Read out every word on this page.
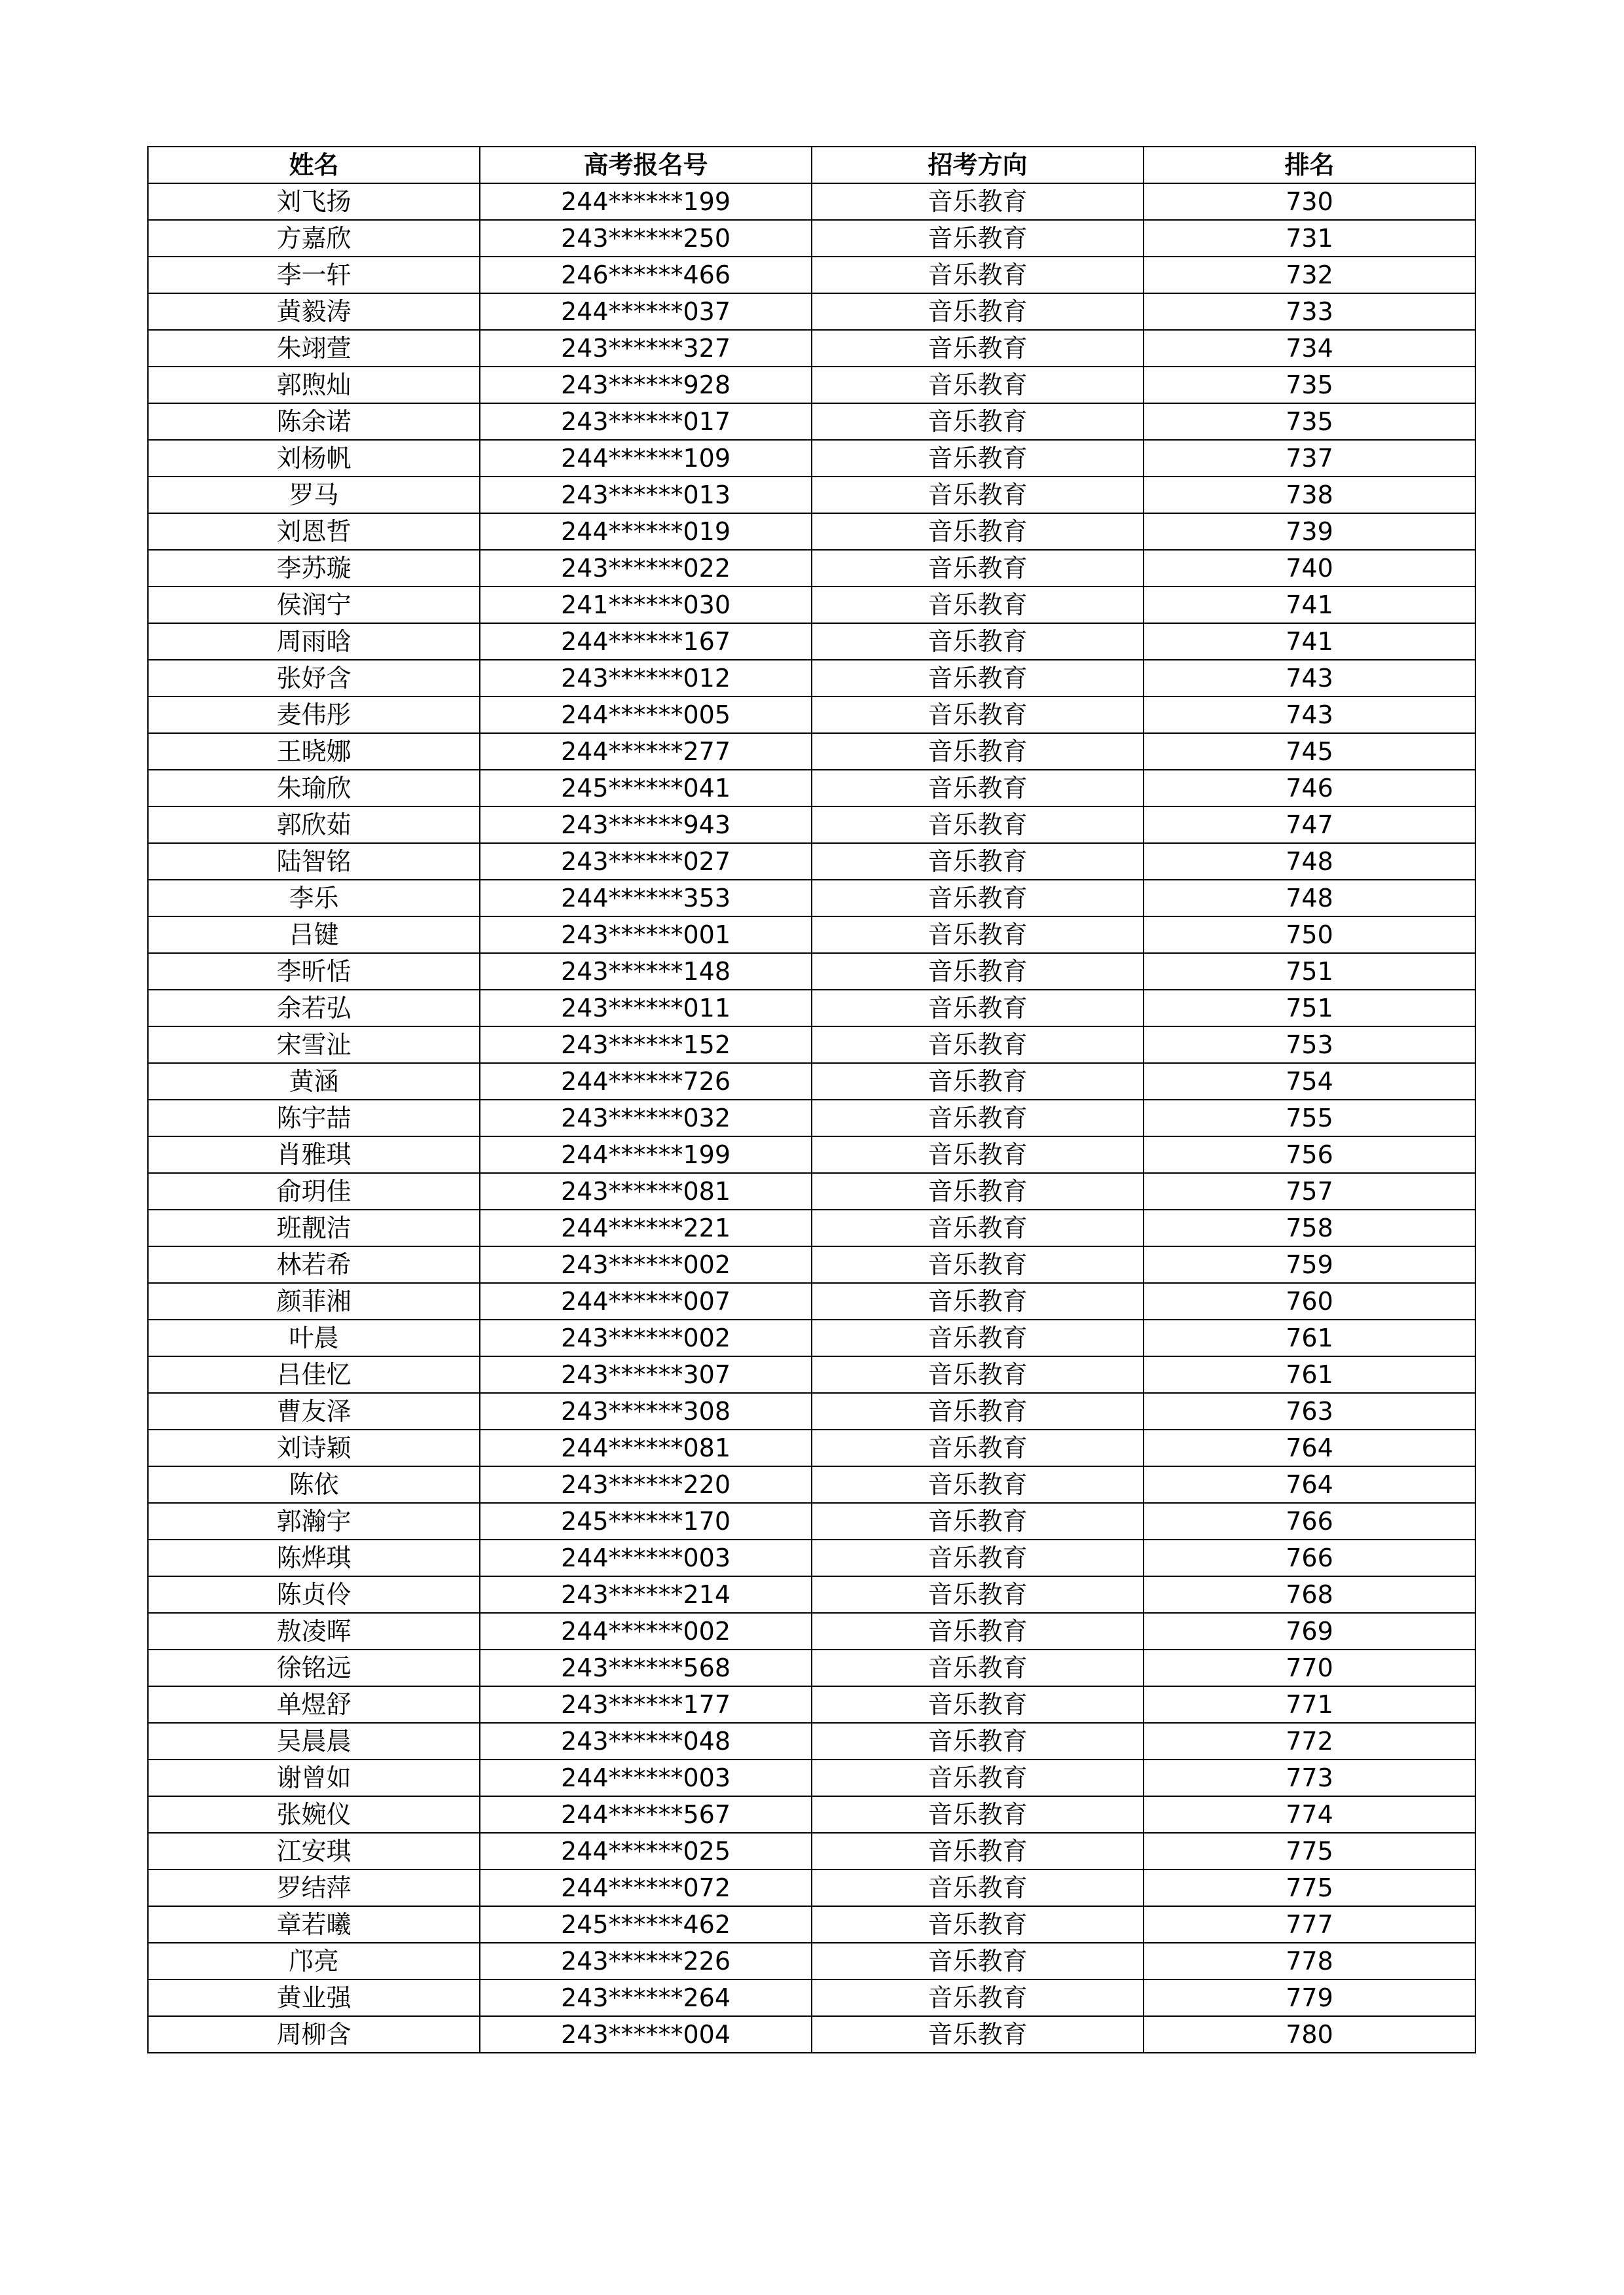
姓名	高考报名号	招考方向	排名
刘飞扬	244******199	音乐教育	730
方嘉欣	243******250	音乐教育	731
李一轩	246******466	音乐教育	732
黄毅涛	244******037	音乐教育	733
朱翊萱	243******327	音乐教育	734
郭煦灿	243******928	音乐教育	735
陈余诺	243******017	音乐教育	735
刘杨帆	244******109	音乐教育	737
罗马	243******013	音乐教育	738
刘恩哲	244******019	音乐教育	739
李苏璇	243******022	音乐教育	740
侯润宁	241******030	音乐教育	741
周雨晗	244******167	音乐教育	741
张妤含	243******012	音乐教育	743
麦伟彤	244******005	音乐教育	743
王晓娜	244******277	音乐教育	745
朱瑜欣	245******041	音乐教育	746
郭欣茹	243******943	音乐教育	747
陆智铭	243******027	音乐教育	748
李乐	244******353	音乐教育	748
吕键	243******001	音乐教育	750
李昕恬	243******148	音乐教育	751
余若弘	243******011	音乐教育	751
宋雪沚	243******152	音乐教育	753
黄涵	244******726	音乐教育	754
陈宇喆	243******032	音乐教育	755
肖雅琪	244******199	音乐教育	756
俞玥佳	243******081	音乐教育	757
班靓洁	244******221	音乐教育	758
林若希	243******002	音乐教育	759
颜菲湘	244******007	音乐教育	760
叶晨	243******002	音乐教育	761
吕佳忆	243******307	音乐教育	761
曹友泽	243******308	音乐教育	763
刘诗颖	244******081	音乐教育	764
陈依	243******220	音乐教育	764
郭瀚宇	245******170	音乐教育	766
陈烨琪	244******003	音乐教育	766
陈贞伶	243******214	音乐教育	768
敖凌晖	244******002	音乐教育	769
徐铭远	243******568	音乐教育	770
单煜舒	243******177	音乐教育	771
吴晨晨	243******048	音乐教育	772
谢曾如	244******003	音乐教育	773
张婉仪	244******567	音乐教育	774
江安琪	244******025	音乐教育	775
罗结萍	244******072	音乐教育	775
章若曦	245******462	音乐教育	777
邝亮	243******226	音乐教育	778
黄业强	243******264	音乐教育	779
周柳含	243******004	音乐教育	780
